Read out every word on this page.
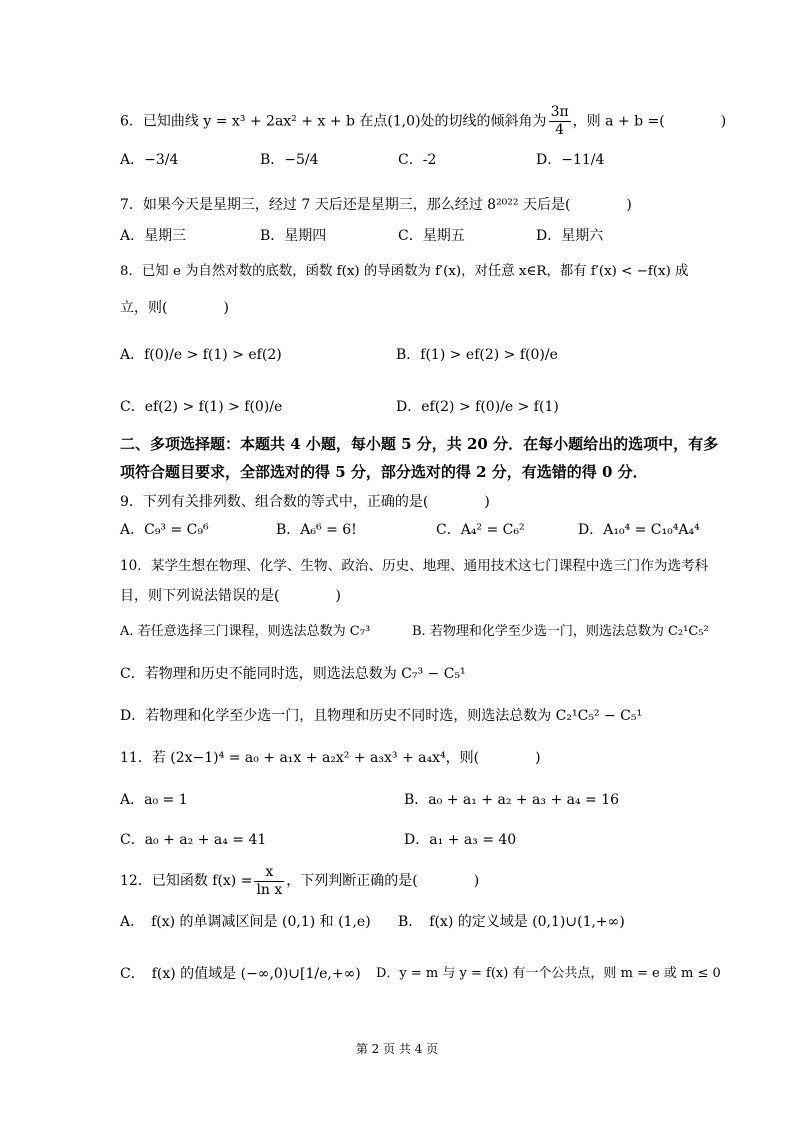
6．已知曲线 y = x³ + 2ax² + x + b 在点(1,0)处的切线的倾斜角为 $\frac{3\pi}{4}$ ，则 a + b =(　　　　)
A．−3/4	B．−5/4	C．-2	D．−11/4
7．如果今天是星期三，经过 7 天后还是星期三，那么经过 8²⁰²² 天后是(　　　　)
A．星期三	B．星期四	C．星期五	D．星期六
8．已知 e 为自然对数的底数，函数 f(x) 的导函数为 f′(x)，对任意 x∈R，都有 f′(x) < −f(x) 成
立，则(　　　　)
A．f(0)/e > f(1) > ef(2)	B．f(1) > ef(2) > f(0)/e
C．ef(2) > f(1) > f(0)/e	D．ef(2) > f(0)/e > f(1)
二、多项选择题：本题共 4 小题，每小题 5 分，共 20 分．在每小题给出的选项中，有多项符合题目要求，全部选对的得 5 分，部分选对的得 2 分，有选错的得 0 分．
9．下列有关排列数、组合数的等式中，正确的是(　　　　)
A．C₉³ = C₉⁶	B．A₆⁶ = 6!	C．A₄² = C₆²	D．A₁₀⁴ = C₁₀⁴A₄⁴
10．某学生想在物理、化学、生物、政治、历史、地理、通用技术这七门课程中选三门作为选考科
目，则下列说法错误的是(　　　　)
A. 若任意选择三门课程，则选法总数为 C₇³	B. 若物理和化学至少选一门，则选法总数为 C₂¹C₅²
C．若物理和历史不能同时选，则选法总数为 C₇³ − C₅¹
D．若物理和化学至少选一门，且物理和历史不同时选，则选法总数为 C₂¹C₅² − C₅¹
11．若 (2x−1)⁴ = a₀ + a₁x + a₂x² + a₃x³ + a₄x⁴，则(　　　　)
A．a₀ = 1	B．a₀ + a₁ + a₂ + a₃ + a₄ = 16
C．a₀ + a₂ + a₄ = 41	D．a₁ + a₃ = 40
12．已知函数 $f(x) = \frac{x}{\text{ln x}}$ ，下列判断正确的是(　　　　)
A．　f(x) 的单调减区间是 (0,1) 和 (1,e) B．　f(x) 的定义域是 (0,1)∪(1,+∞)
C．　f(x) 的值域是 (−∞,0)∪[1/e,+∞) D．y = m 与 y = f(x) 有一个公共点，则 m = e 或 m ≤ 0
第 2 页 共 4 页
